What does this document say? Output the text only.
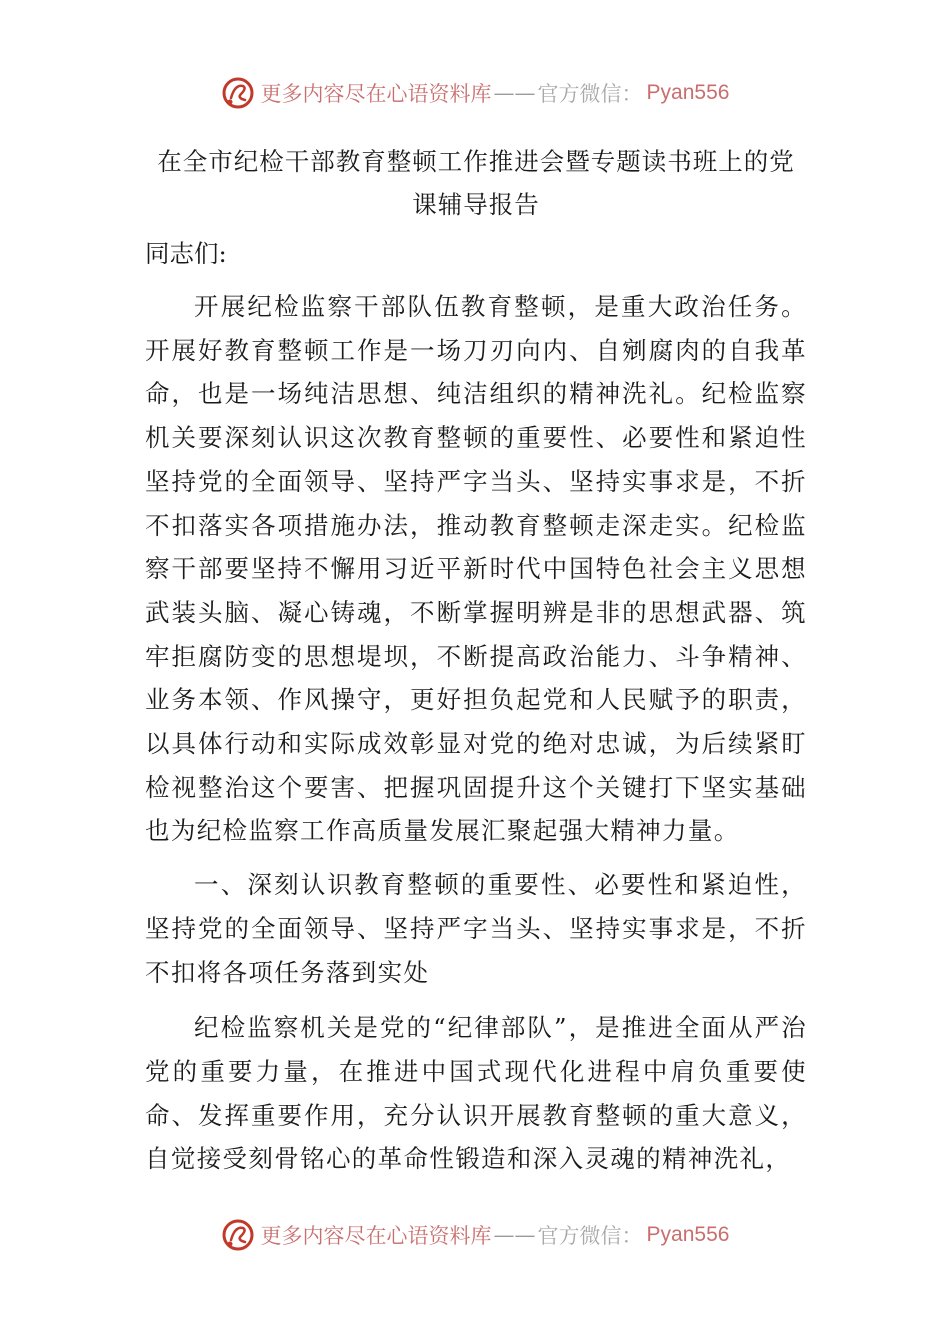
更多内容尽在心语资料库 —— 官方微信： Pyan556
在全市纪检干部教育整顿工作推进会暨专题读书班上的党课辅导报告

同志们:

开展纪检监察干部队伍教育整顿，是重大政治任务。开展好教育整顿工作是一场刀刃向内、自剜腐肉的自我革命，也是一场纯洁思想、纯洁组织的精神洗礼。纪检监察机关要深刻认识这次教育整顿的重要性、必要性和紧迫性坚持党的全面领导、坚持严字当头、坚持实事求是，不折不扣落实各项措施办法，推动教育整顿走深走实。纪检监察干部要坚持不懈用习近平新时代中国特色社会主义思想武装头脑、凝心铸魂，不断掌握明辨是非的思想武器、筑牢拒腐防变的思想堤坝，不断提高政治能力、斗争精神、业务本领、作风操守，更好担负起党和人民赋予的职责，以具体行动和实际成效彰显对党的绝对忠诚，为后续紧盯检视整治这个要害、把握巩固提升这个关键打下坚实基础也为纪检监察工作高质量发展汇聚起强大精神力量。

一、深刻认识教育整顿的重要性、必要性和紧迫性，坚持党的全面领导、坚持严字当头、坚持实事求是，不折不扣将各项任务落到实处

纪检监察机关是党的“纪律部队”，是推进全面从严治党的重要力量，在推进中国式现代化进程中肩负重要使命、发挥重要作用，充分认识开展教育整顿的重大意义，自觉接受刻骨铭心的革命性锻造和深入灵魂的精神洗礼，

更多内容尽在心语资料库 —— 官方微信： Pyan556
